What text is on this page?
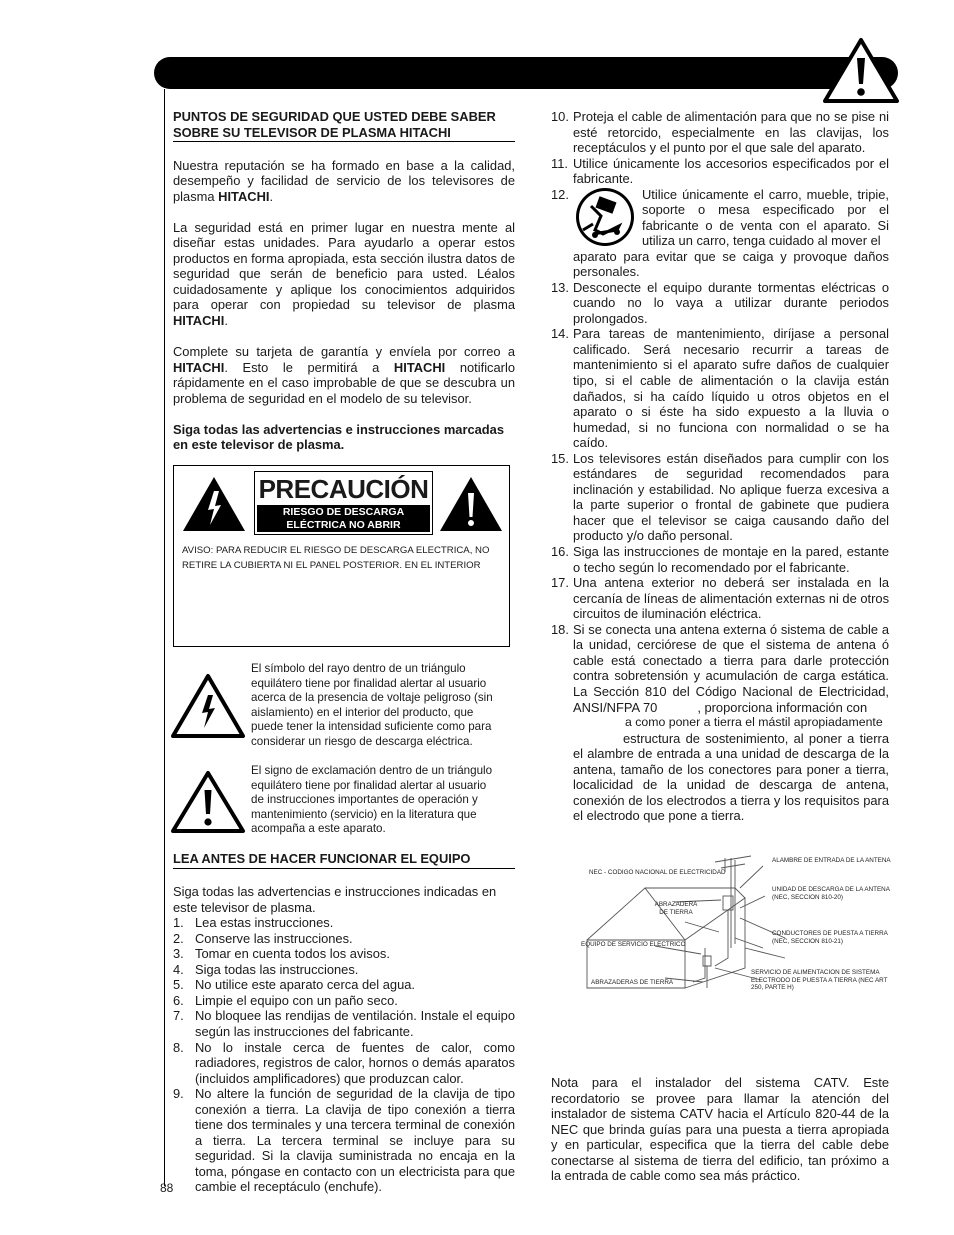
88
PUNTOS DE SEGURIDAD QUE USTED DEBE SABER SOBRE SU TELEVISOR DE PLASMA HITACHI

Nuestra reputación se ha formado en base a la calidad, desempeño y facilidad de servicio de los televisores de plasma HITACHI.

La seguridad está en primer lugar en nuestra mente al diseñar estas unidades. Para ayudarlo a operar estos productos en forma apropiada, esta sección ilustra datos de seguridad que serán de beneficio para usted. Léalos cuidadosamente y aplique los conocimientos adquiridos para operar con propiedad su televisor de plasma HITACHI.

Complete su tarjeta de garantía y envíela por correo a HITACHI. Esto le permitirá a HITACHI notificarlo rápidamente en el caso improbable de que se descubra un problema de seguridad en el modelo de su televisor.

Siga todas las advertencias e instrucciones marcadas en este televisor de plasma.

PRECAUCIÓN
RIESGO DE DESCARGA ELÉCTRICA NO ABRIR
AVISO: PARA REDUCIR EL RIESGO DE DESCARGA ELECTRICA, NO RETIRE LA CUBIERTA NI EL PANEL POSTERIOR. EN EL INTERIOR
El símbolo del rayo dentro de un triángulo equilátero tiene por finalidad alertar al usuario acerca de la presencia de voltaje peligroso (sin aislamiento) en el interior del producto, que puede tener la intensidad suficiente como para considerar un riesgo de descarga eléctrica.
El signo de exclamación dentro de un triángulo equilátero tiene por finalidad alertar al usuario de instrucciones importantes de operación y mantenimiento (servicio) en la literatura que acompaña a este aparato.
LEA ANTES DE HACER FUNCIONAR EL EQUIPO

Siga todas las advertencias e instrucciones indicadas en este televisor de plasma.

1. Lea estas instrucciones.
2. Conserve las instrucciones.
3. Tomar en cuenta todos los avisos.
4. Siga todas las instrucciones.
5. No utilice este aparato cerca del agua.
6. Limpie el equipo con un paño seco.
7. No bloquee las rendijas de ventilación. Instale el equipo según las instrucciones del fabricante.
8. No lo instale cerca de fuentes de calor, como radiadores, registros de calor, hornos o demás aparatos (incluidos amplificadores) que produzcan calor.
9. No altere la función de seguridad de la clavija de tipo conexión a tierra. La clavija de tipo conexión a tierra tiene dos terminales y una tercera terminal de conexión a tierra. La tercera terminal se incluye para su seguridad. Si la clavija suministrada no encaja en la toma, póngase en contacto con un electricista para que cambie el receptáculo (enchufe).
10. Proteja el cable de alimentación para que no se pise ni esté retorcido, especialmente en las clavijas, los receptáculos y el punto por el que sale del aparato.
11. Utilice únicamente los accesorios especificados por el fabricante.
12.	Utilice únicamente el carro, mueble, tripie, soporte o mesa especificado por el fabricante o de venta con el aparato. Si utiliza un carro, tenga cuidado al mover el

aparato para evitar que se caiga y provoque daños personales.

13. Desconecte el equipo durante tormentas eléctricas o cuando no lo vaya a utilizar durante periodos prolongados.
14. Para tareas de mantenimiento, diríjase a personal calificado. Será necesario recurrir a tareas de mantenimiento si el aparato sufre daños de cualquier tipo, si el cable de alimentación o la clavija están dañados, si ha caído líquido u otros objetos en el aparato o si éste ha sido expuesto a la lluvia o humedad, si no funciona con normalidad o se ha caído.
15. Los televisores están diseñados para cumplir con los estándares de seguridad recomendados para inclinación y estabilidad. No aplique fuerza excesiva a la parte superior o frontal de gabinete que pudiera hacer que el televisor se caiga causando daño del producto y/o daño personal.
16. Siga las instrucciones de montaje en la pared, estante o techo según lo recomendado por el fabricante.
17. Una antena exterior no deberá ser instalada en la cercanía de líneas de alimentación externas ni de otros circuitos de iluminación eléctrica.
18. Si se conecta una antena externa ó sistema de cable a la unidad, cerciórese de que el sistema de antena ó cable está conectado a tierra para darle protección contra sobretensión y acumulación de carga estática. La Sección 810 del Código Nacional de Electricidad, ANSI/NFPA 70	, proporciona información con

a como poner a tierra el mástil apropiadamente
estructura de sostenimiento, al poner a tierra el alambre de entrada a una unidad de descarga de la antena, tamaño de los conectores para poner a tierra, localicidad de la unidad de descarga de antena, conexión de los electrodos a tierra y los requisitos para el electrodo que pone a tierra.
NEC - CODIGO NACIONAL DE ELECTRICIDAD
ABRAZADERA DE TIERRA
EQUIPO DE SERVICIO ELECTRICO
ABRAZADERAS DE TIERRA
ALAMBRE DE ENTRADA DE LA ANTENA
UNIDAD DE DESCARGA DE LA ANTENA (NEC, SECCION 810-20)
CONDUCTORES DE PUESTA A TIERRA (NEC, SECCION 810-21)
SERVICIO DE ALIMENTACION DE SISTEMA ELECTRODO DE PUESTA A TIERRA (NEC ART 250, PARTE H)

Nota para el instalador del sistema CATV. Este recordatorio se provee para llamar la atención del instalador de sistema CATV hacia el Artículo 820-44 de la NEC que brinda guías para una puesta a tierra apropiada y en particular, especifica que la tierra del cable debe conectarse al sistema de tierra del edificio, tan próximo a la entrada de cable como sea más práctico.
